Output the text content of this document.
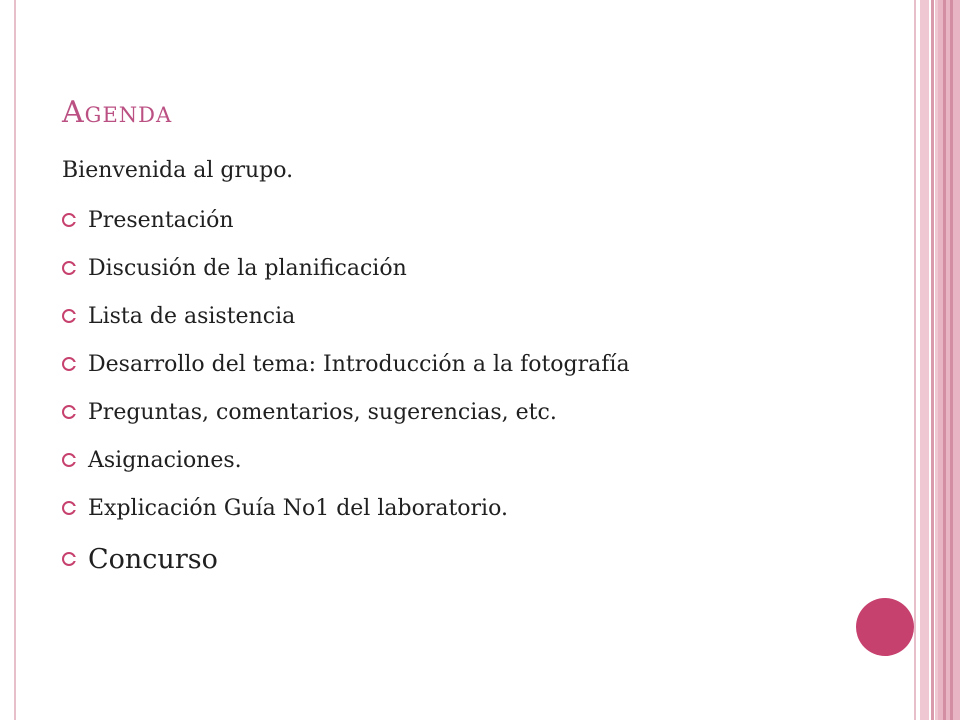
Agenda

Bienvenida al grupo.

Presentación
Discusión de la planificación
Lista de asistencia
Desarrollo del tema: Introducción a la fotografía
Preguntas, comentarios, sugerencias, etc.
Asignaciones.
Explicación Guía No1 del laboratorio.
Concurso
